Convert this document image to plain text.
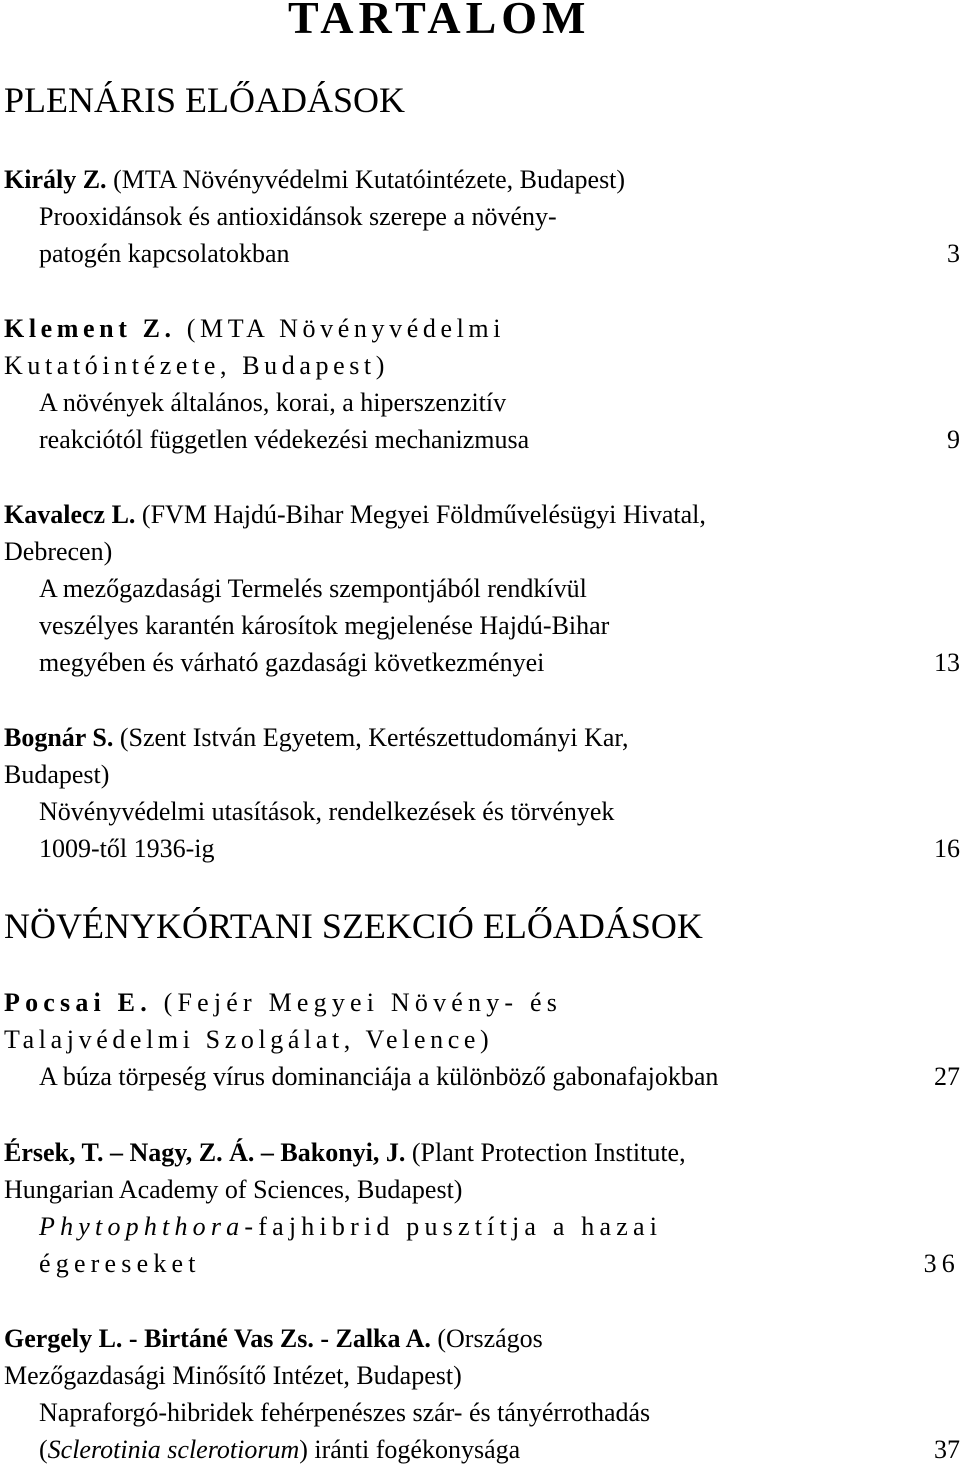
TARTALOM
PLENÁRIS ELŐADÁSOK
Király Z. (MTA Növényvédelmi Kutatóintézete, Budapest)
Prooxidánsok és antioxidánsok szerepe a növény-
patogén kapcsolatokban	3
Klement Z. (MTA Növényvédelmi
Kutatóintézete, Budapest)
A növények általános, korai, a hiperszenzitív
reakciótól független védekezési mechanizmusa	9
Kavalecz L. (FVM Hajdú-Bihar Megyei Földművelésügyi Hivatal,
Debrecen)
A mezőgazdasági Termelés szempontjából rendkívül
veszélyes karantén károsítok megjelenése Hajdú-Bihar
megyében és várható gazdasági következményei	13
Bognár S. (Szent István Egyetem, Kertészettudományi Kar,
Budapest)
Növényvédelmi utasítások, rendelkezések és törvények
1009-től 1936-ig	16
NÖVÉNYKÓRTANI SZEKCIÓ ELŐADÁSOK
Pocsai E. (Fejér Megyei Növény- és
Talajvédelmi Szolgálat, Velence)
A búza törpeség vírus dominanciája a különböző gabonafajokban	27
Érsek, T. – Nagy, Z. Á. – Bakonyi, J. (Plant Protection Institute,
Hungarian Academy of Sciences, Budapest)
Phytophthora-fajhibrid pusztítja a hazai
égereseket	36
Gergely L. - Birtáné Vas Zs. - Zalka A. (Országos
Mezőgazdasági Minősítő Intézet, Budapest)
Napraforgó-hibridek fehérpenészes szár- és tányérrothadás
(Sclerotinia sclerotiorum) iránti fogékonysága	37
